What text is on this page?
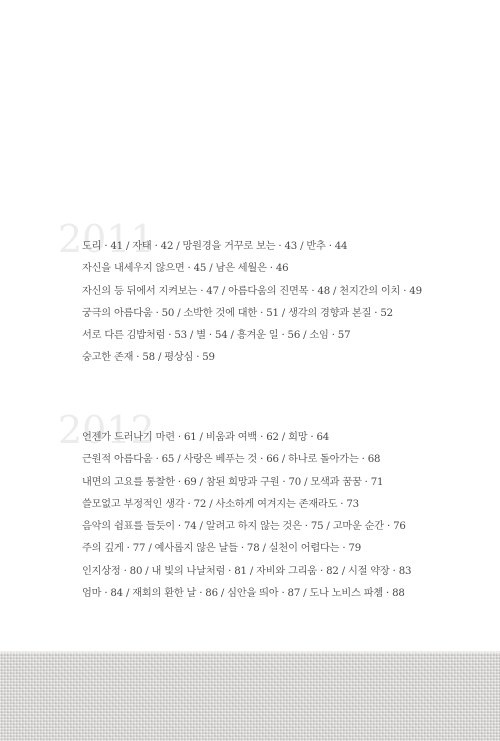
2011
도리 · 41 / 자태 · 42 / 망원경을 거꾸로 보는 · 43 / 반추 · 44
자신을 내세우지 않으면 · 45 / 남은 세월은 · 46
자신의 등 뒤에서 지켜보는 · 47 / 아름다움의 진면목 · 48 / 천지간의 이치 · 49
궁극의 아름다움 · 50 / 소박한 것에 대한 · 51 / 생각의 경향과 본질 · 52
서로 다른 김밥처럼 · 53 / 별 · 54 / 흥겨운 일 · 56 / 소임 · 57
숭고한 존재 · 58 / 평상심 · 59
2012
언젠가 드러나기 마련 · 61 / 비움과 여백 · 62 / 희망 · 64
근원적 아름다움 · 65 / 사랑은 베푸는 것 · 66 / 하나로 돌아가는 · 68
내면의 고요를 통찰한 · 69 / 참된 희망과 구원 · 70 / 모색과 꿈꿈 · 71
쓸모없고 부정적인 생각 · 72 / 사소하게 여겨지는 존재라도 · 73
음악의 쉼표를 들듯이 · 74 / 알려고 하지 않는 것은 · 75 / 고마운 순간 · 76
주의 깊게 · 77 / 예사롭지 않은 날들 · 78 / 실천이 어렵다는 · 79
인지상정 · 80 / 내 빛의 나날처럼 · 81 / 자비와 그리움 · 82 / 시절 약장 · 83
엄마 · 84 / 재회의 환한 날 · 86 / 심안을 띄아 · 87 / 도나 노비스 파쳄 · 88
